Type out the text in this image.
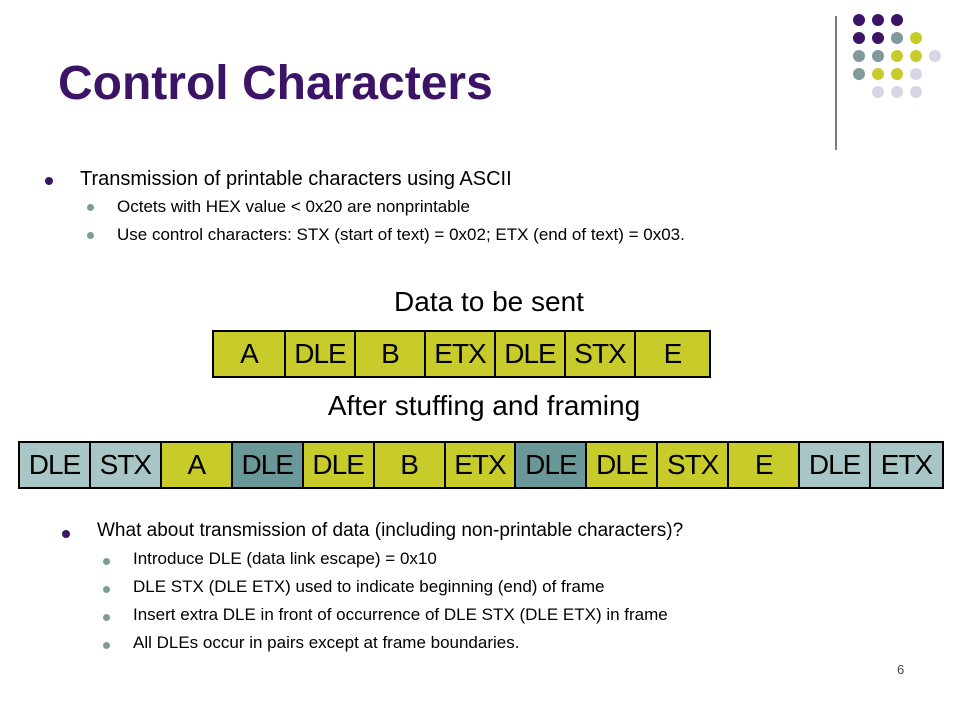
Control Characters
Transmission of printable characters using ASCII
Octets with HEX value < 0x20 are nonprintable
Use control characters: STX (start of text) = 0x02; ETX (end of text) = 0x03.
Data to be sent
A	DLE	B	ETX DLE STX	E
After stuffing and framing
DLE STX	A	DLE DLE	B	ETX DLE DLE STX	E	DLE ETX
What about transmission of data (including non-printable characters)?
Introduce DLE (data link escape) = 0x10
DLE STX (DLE ETX) used to indicate beginning (end) of frame
Insert extra DLE in front of occurrence of DLE STX (DLE ETX) in frame
All DLEs occur in pairs except at frame boundaries.
6
